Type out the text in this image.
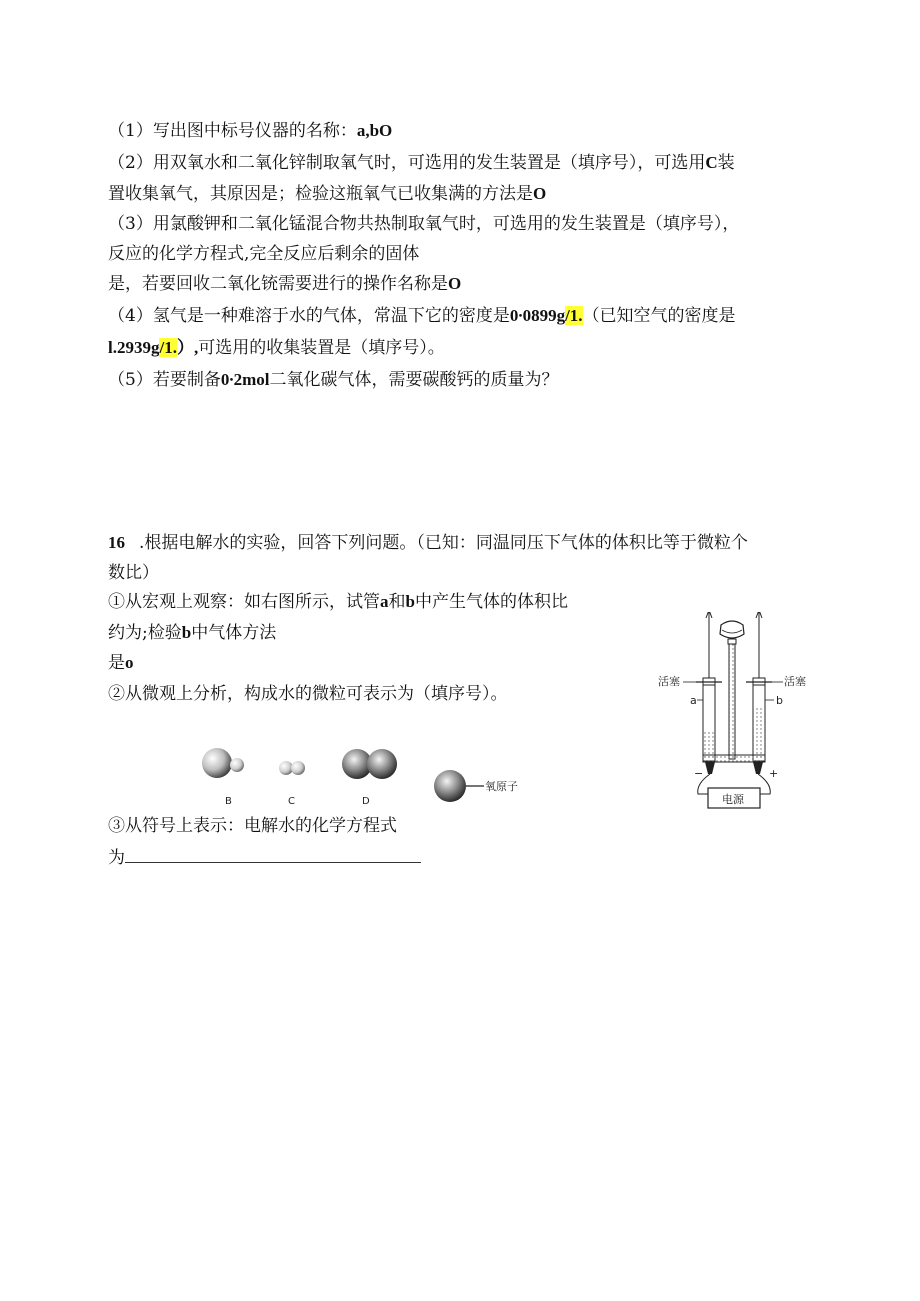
（1）写出图中标号仪器的名称：a,bO
（2）用双氧水和二氧化锌制取氧气时，可选用的发生装置是（填序号），可选用C装
置收集氧气，其原因是；检验这瓶氧气已收集满的方法是O
（3）用氯酸钾和二氧化锰混合物共热制取氧气时，可选用的发生装置是（填序号），
反应的化学方程式,完全反应后剩余的固体
是，若要回收二氧化铳需要进行的操作名称是O
（4）氢气是一种难溶于水的气体，常温下它的密度是0∙0899g/1.（已知空气的密度是
l.2939g/1.）,可选用的收集装置是（填序号）。
（5）若要制备0∙2mol二氧化碳气体，需要碳酸钙的质量为？
16 .根据电解水的实验，回答下列问题。（已知：同温同压下气体的体积比等于微粒个
数比）
①从宏观上观察：如右图所示，试管a和b中产生气体的体积比
约为;检验b中气体方法
是o
②从微观上分析，构成水的微粒可表示为（填序号）。
B	C	D
氧原子
③从符号上表示：电解水的化学方程式
为
活塞	活塞
a	b
−	+
电源
